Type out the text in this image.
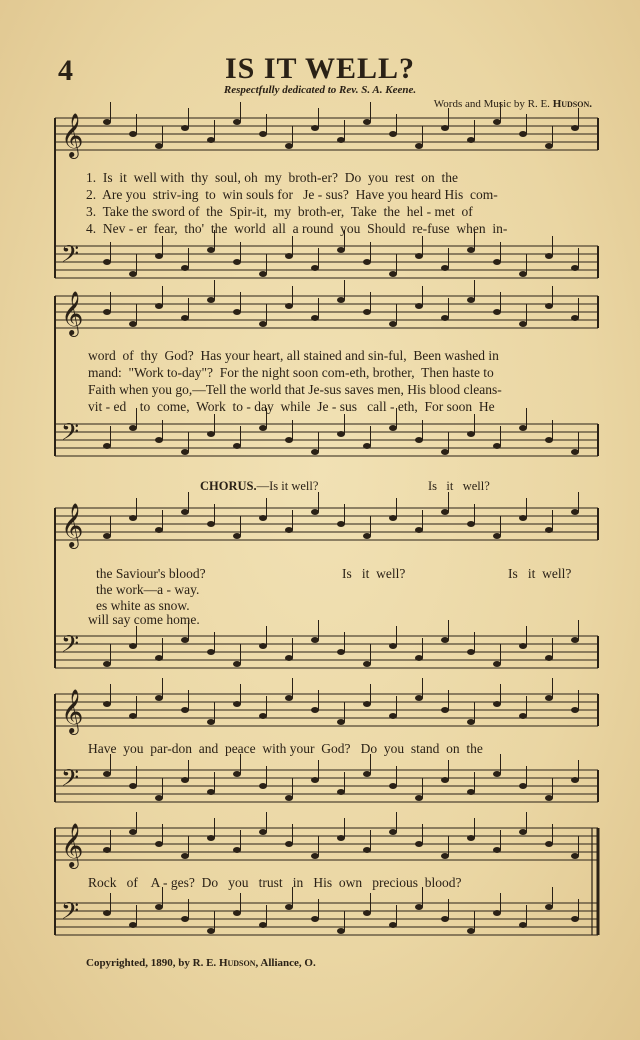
4	IS IT WELL?
Respectfully dedicated to Rev. S. A. Keene.
Words and Music by R. E. Hudson.
𝄞
𝄢
𝄞
𝄢
𝄞
𝄢
𝄞
𝄢
𝄞
𝄢
1.  Is  it  well with  thy  soul, oh  my  broth-er?  Do  you  rest  on  the
2.  Are you  striv-ing  to  win souls for   Je - sus?  Have you heard His  com-
3.  Take the sword of  the  Spir-it,  my  broth-er,  Take  the  hel - met  of
4.  Nev - er  fear,  tho'  the  world  all  a round  you  Should  re-fuse  when  in-
word  of  thy  God?  Has your heart, all stained and sin-ful,  Been washed in
mand:  "Work to-day"?  For the night soon com-eth, brother,  Then haste to
Faith when you go,—Tell the world that Je-sus saves men, His blood cleans-
vit - ed    to  come,  Work  to - day  while  Je - sus   call - eth,  For soon  He
CHORUS.—Is it well?	Is   it   well?
the Saviour's blood?
the work—a - way.
es white as snow.
will say come home.
Is   it  well?	Is   it  well?
Have  you  par-don  and  peace  with your  God?   Do  you  stand  on  the
Rock   of    A - ges?  Do   you   trust   in   His  own   precious  blood?
Copyrighted, 1890, by R. E. Hudson, Alliance, O.
